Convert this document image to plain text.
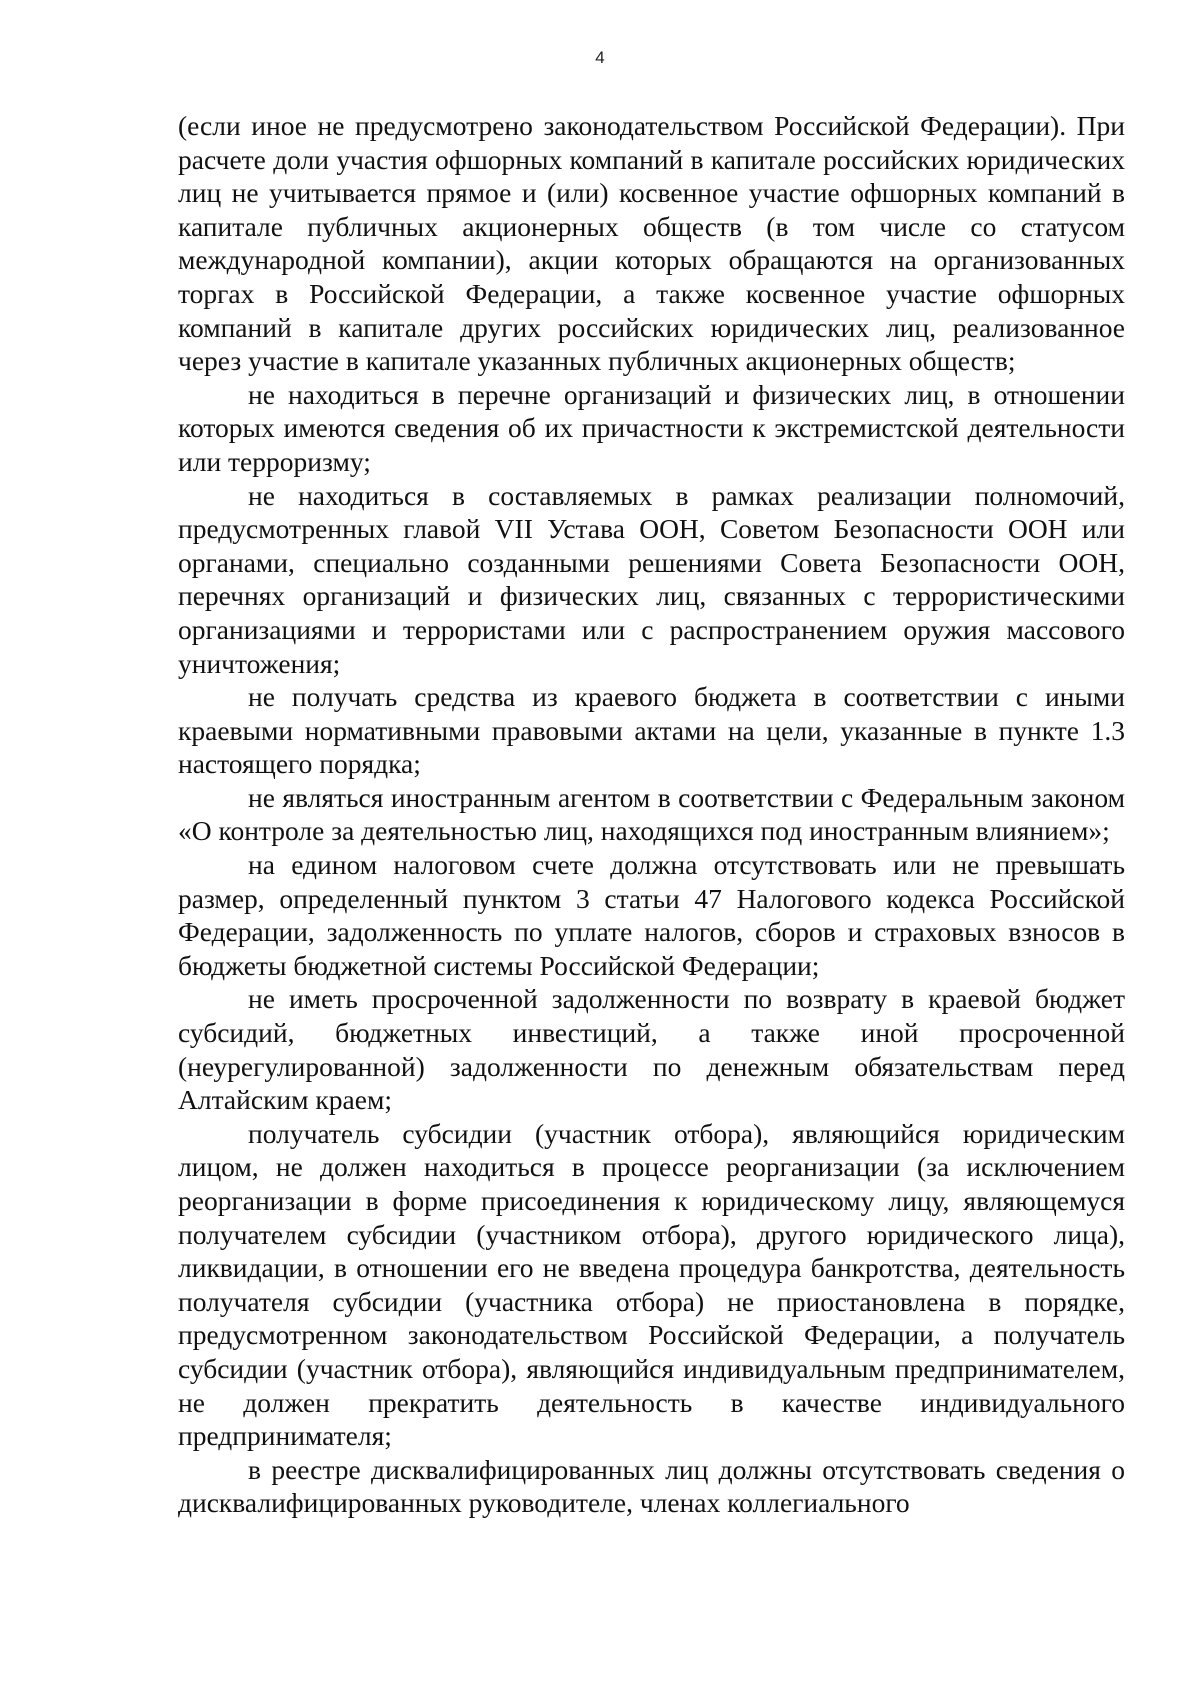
4

(если иное не предусмотрено законодательством Российской Федерации). При расчете доли участия офшорных компаний в капитале российских юридических лиц не учитывается прямое и (или) косвенное участие офшорных компаний в капитале публичных акционерных обществ (в том числе со статусом международной компании), акции которых обращаются на организованных торгах в Российской Федерации, а также косвенное участие офшорных компаний в капитале других российских юридических лиц, реализованное через участие в капитале указанных публичных акционерных обществ;

не находиться в перечне организаций и физических лиц, в отношении которых имеются сведения об их причастности к экстремистской деятельности или терроризму;

не находиться в составляемых в рамках реализации полномочий, предусмотренных главой VII Устава ООН, Советом Безопасности ООН или органами, специально созданными решениями Совета Безопасности ООН, перечнях организаций и физических лиц, связанных с террористическими организациями и террористами или с распространением оружия массового уничтожения;

не получать средства из краевого бюджета в соответствии с иными краевыми нормативными правовыми актами на цели, указанные в пункте 1.3 настоящего порядка;

не являться иностранным агентом в соответствии с Федеральным законом «О контроле за деятельностью лиц, находящихся под иностранным влиянием»;

на едином налоговом счете должна отсутствовать или не превышать размер, определенный пунктом 3 статьи 47 Налогового кодекса Российской Федерации, задолженность по уплате налогов, сборов и страховых взносов в бюджеты бюджетной системы Российской Федерации;

не иметь просроченной задолженности по возврату в краевой бюджет субсидий, бюджетных инвестиций, а также иной просроченной (неурегулированной) задолженности по денежным обязательствам перед Алтайским краем;

получатель субсидии (участник отбора), являющийся юридическим лицом, не должен находиться в процессе реорганизации (за исключением реорганизации в форме присоединения к юридическому лицу, являющемуся получателем субсидии (участником отбора), другого юридического лица), ликвидации, в отношении его не введена процедура банкротства, деятельность получателя субсидии (участника отбора) не приостановлена в порядке, предусмотренном законодательством Российской Федерации, а получатель субсидии (участник отбора), являющийся индивидуальным предпринимателем, не должен прекратить деятельность в качестве индивидуального предпринимателя;

в реестре дисквалифицированных лиц должны отсутствовать сведения о дисквалифицированных руководителе, членах коллегиального
